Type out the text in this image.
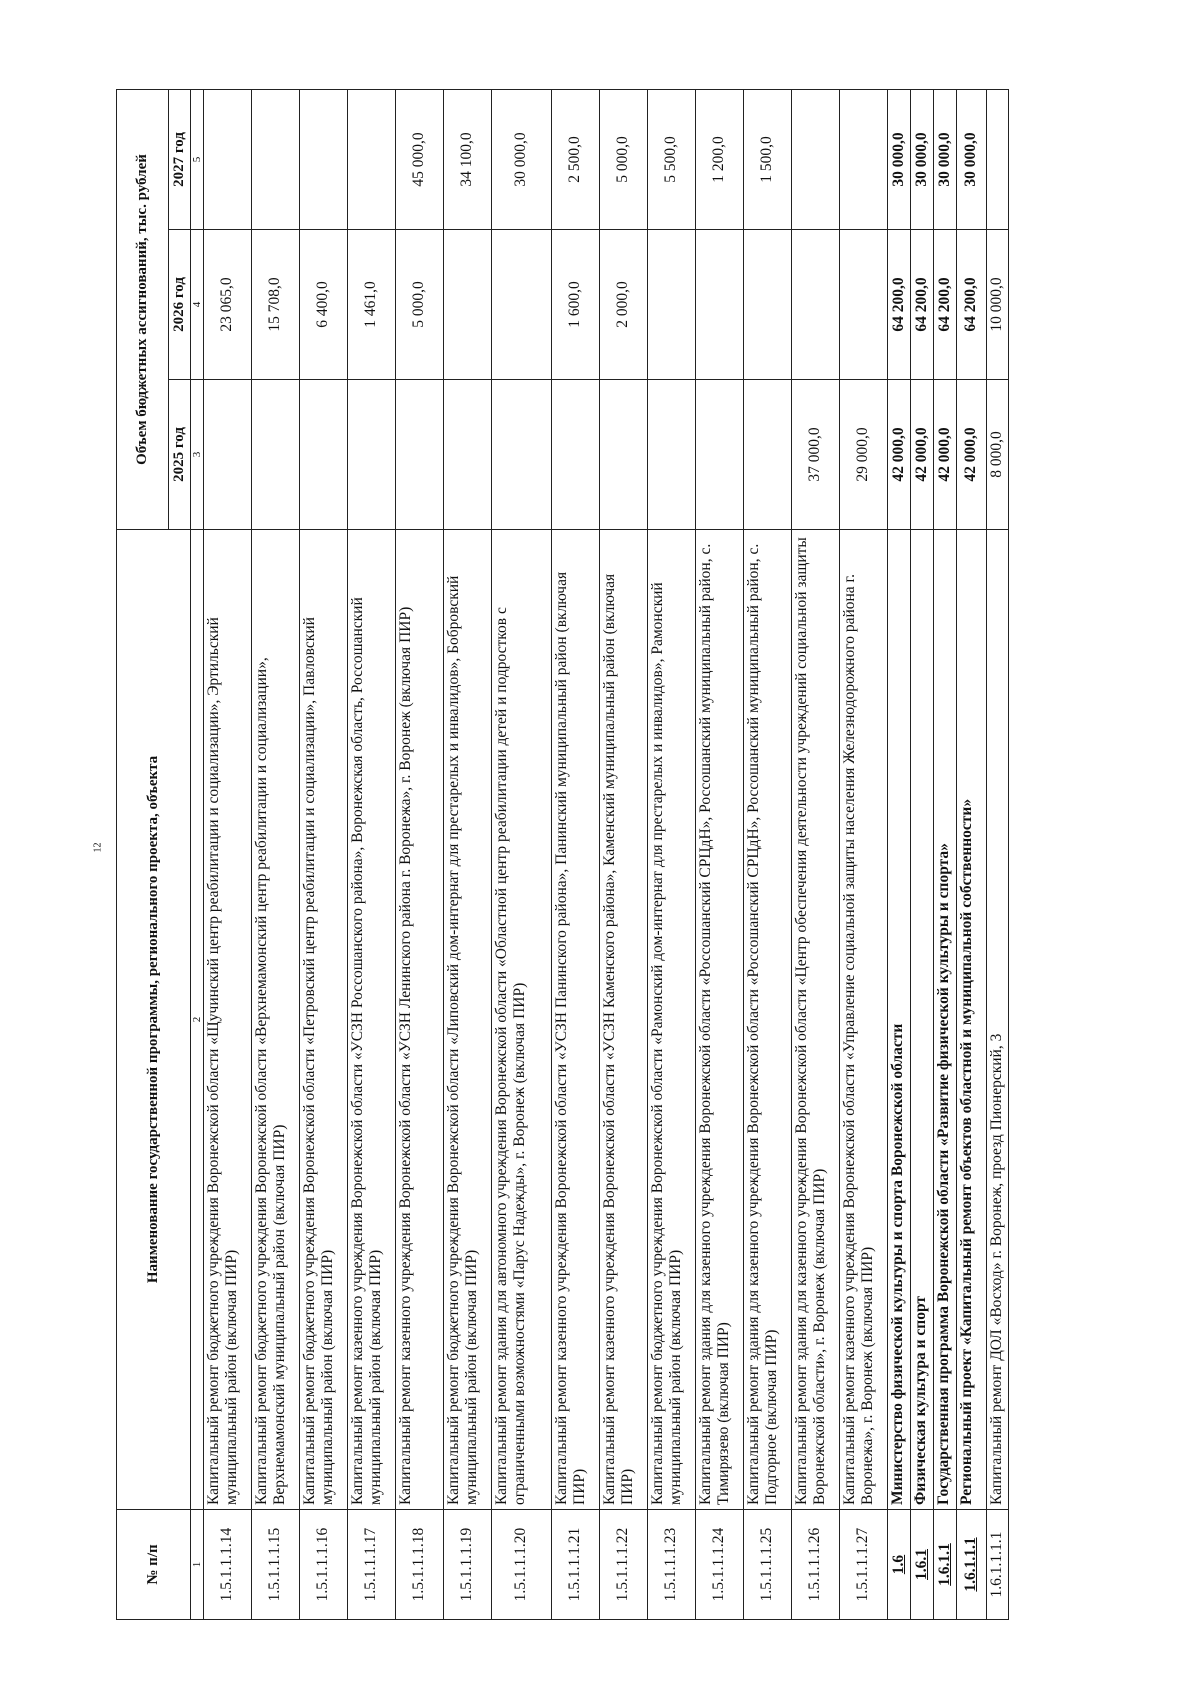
12
№ п/п	Наименование государственной программы, регионального проекта, объекта	Объем бюджетных ассигнований, тыс. рублей		
		2025 год	2026 год	2027 год
1	2	3	4	5
1.5.1.1.1.14	Капитальный ремонт бюджетного учреждения Воронежской области «Щучинский центр реабилитации и социализации», Эртильский муниципальный район (включая ПИР)		23 065,0	
1.5.1.1.1.15	Капитальный ремонт бюджетного учреждения Воронежской области «Верхнемамонский центр реабилитации и социализации», Верхнемамонский муниципальный район (включая ПИР)		15 708,0	
1.5.1.1.1.16	Капитальный ремонт бюджетного учреждения Воронежской области «Петровский центр реабилитации и социализации», Павловский муниципальный район (включая ПИР)		6 400,0	
1.5.1.1.1.17	Капитальный ремонт казенного учреждения Воронежской области «УСЗН Россошанского района», Воронежская область, Россошанский муниципальный район (включая ПИР)		1 461,0	
1.5.1.1.1.18	Капитальный ремонт казенного учреждения Воронежской области «УСЗН Ленинского района г. Воронежа», г. Воронеж (включая ПИР)		5 000,0	45 000,0
1.5.1.1.1.19	Капитальный ремонт бюджетного учреждения Воронежской области «Липовский дом-интернат для престарелых и инвалидов», Бобровский муниципальный район (включая ПИР)			34 100,0
1.5.1.1.1.20	Капитальный ремонт здания для автономного учреждения Воронежской области «Областной центр реабилитации детей и подростков с ограниченными возможностями «Парус Надежды», г. Воронеж (включая ПИР)			30 000,0
1.5.1.1.1.21	Капитальный ремонт казенного учреждения Воронежской области «УСЗН Панинского района», Панинский муниципальный район (включая ПИР)		1 600,0	2 500,0
1.5.1.1.1.22	Капитальный ремонт казенного учреждения Воронежской области «УСЗН Каменского района», Каменский муниципальный район (включая ПИР)		2 000,0	5 000,0
1.5.1.1.1.23	Капитальный ремонт бюджетного учреждения Воронежской области «Рамонский дом-интернат для престарелых и инвалидов», Рамонский муниципальный район (включая ПИР)			5 500,0
1.5.1.1.1.24	Капитальный ремонт здания для казенного учреждения Воронежской области «Россошанский СРЦдН», Россошанский муниципальный район, с. Тимирязево (включая ПИР)			1 200,0
1.5.1.1.1.25	Капитальный ремонт здания для казенного учреждения Воронежской области «Россошанский СРЦдН», Россошанский муниципальный район, с. Подгорное (включая ПИР)			1 500,0
1.5.1.1.1.26	Капитальный ремонт здания для казенного учреждения Воронежской области «Центр обеспечения деятельности учреждений социальной защиты Воронежской области», г. Воронеж (включая ПИР)	37 000,0		
1.5.1.1.1.27	Капитальный ремонт казенного учреждения Воронежской области «Управление социальной защиты населения Железнодорожного района г. Воронежа», г. Воронеж (включая ПИР)	29 000,0		
1.6	Министерство физической культуры и спорта Воронежской области	42 000,0	64 200,0	30 000,0
1.6.1	Физическая культура и спорт	42 000,0	64 200,0	30 000,0
1.6.1.1	Государственная программа Воронежской области «Развитие физической культуры и спорта»	42 000,0	64 200,0	30 000,0
1.6.1.1.1	Региональный проект «Капитальный ремонт объектов областной и муниципальной собственности»	42 000,0	64 200,0	30 000,0
1.6.1.1.1.1	Капитальный ремонт ДОЛ «Восход» г. Воронеж, проезд Пионерский, 3	8 000,0	10 000,0	
